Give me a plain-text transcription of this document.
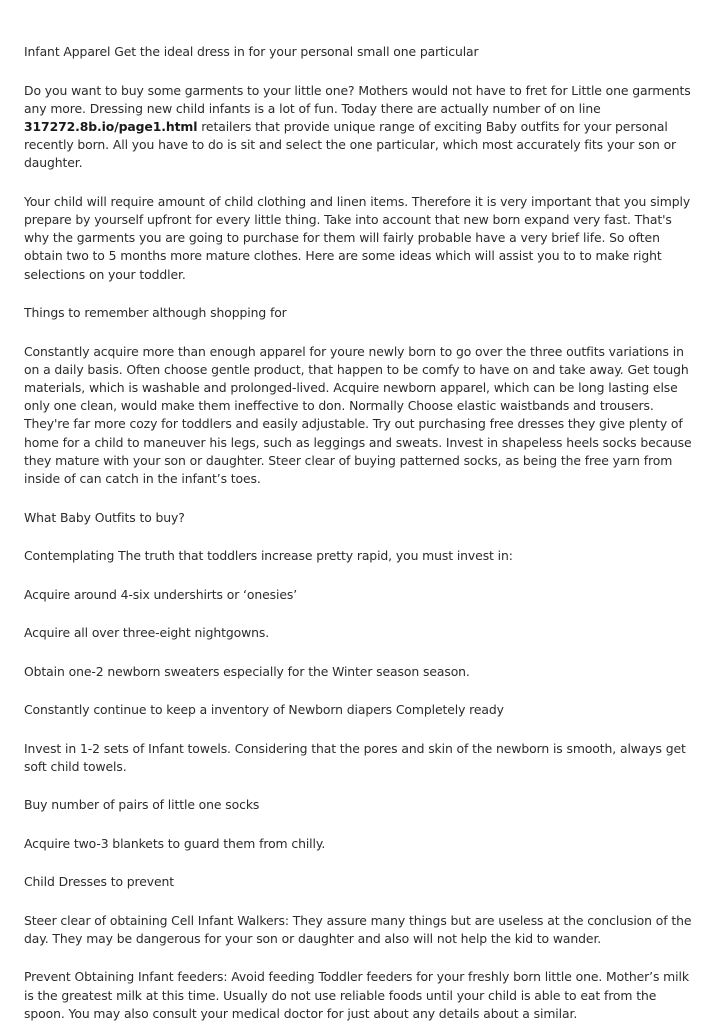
Infant Apparel Get the ideal dress in for your personal small one particular

Do you want to buy some garments to your little one? Mothers would not have to fret for Little one garments any more. Dressing new child infants is a lot of fun. Today there are actually number of on line 317272.8b.io/page1.html retailers that provide unique range of exciting Baby outfits for your personal recently born. All you have to do is sit and select the one particular, which most accurately fits your son or daughter.

Your child will require amount of child clothing and linen items. Therefore it is very important that you simply prepare by yourself upfront for every little thing. Take into account that new born expand very fast. That's why the garments you are going to purchase for them will fairly probable have a very brief life. So often obtain two to 5 months more mature clothes. Here are some ideas which will assist you to to make right selections on your toddler.

Things to remember although shopping for

Constantly acquire more than enough apparel for youre newly born to go over the three outfits variations in on a daily basis. Often choose gentle product, that happen to be comfy to have on and take away. Get tough materials, which is washable and prolonged-lived. Acquire newborn apparel, which can be long lasting else only one clean, would make them ineffective to don. Normally Choose elastic waistbands and trousers. They're far more cozy for toddlers and easily adjustable. Try out purchasing free dresses they give plenty of home for a child to maneuver his legs, such as leggings and sweats. Invest in shapeless heels socks because they mature with your son or daughter. Steer clear of buying patterned socks, as being the free yarn from inside of can catch in the infant’s toes.

What Baby Outfits to buy?

Contemplating The truth that toddlers increase pretty rapid, you must invest in:

Acquire around 4-six undershirts or ‘onesies’

Acquire all over three-eight nightgowns.

Obtain one-2 newborn sweaters especially for the Winter season season.

Constantly continue to keep a inventory of Newborn diapers Completely ready

Invest in 1-2 sets of Infant towels. Considering that the pores and skin of the newborn is smooth, always get soft child towels.

Buy number of pairs of little one socks

Acquire two-3 blankets to guard them from chilly.

Child Dresses to prevent

Steer clear of obtaining Cell Infant Walkers: They assure many things but are useless at the conclusion of the day. They may be dangerous for your son or daughter and also will not help the kid to wander.

Prevent Obtaining Infant feeders: Avoid feeding Toddler feeders for your freshly born little one. Mother’s milk is the greatest milk at this time. Usually do not use reliable foods until your child is able to eat from the spoon. You may also consult your medical doctor for just about any details about a similar.
